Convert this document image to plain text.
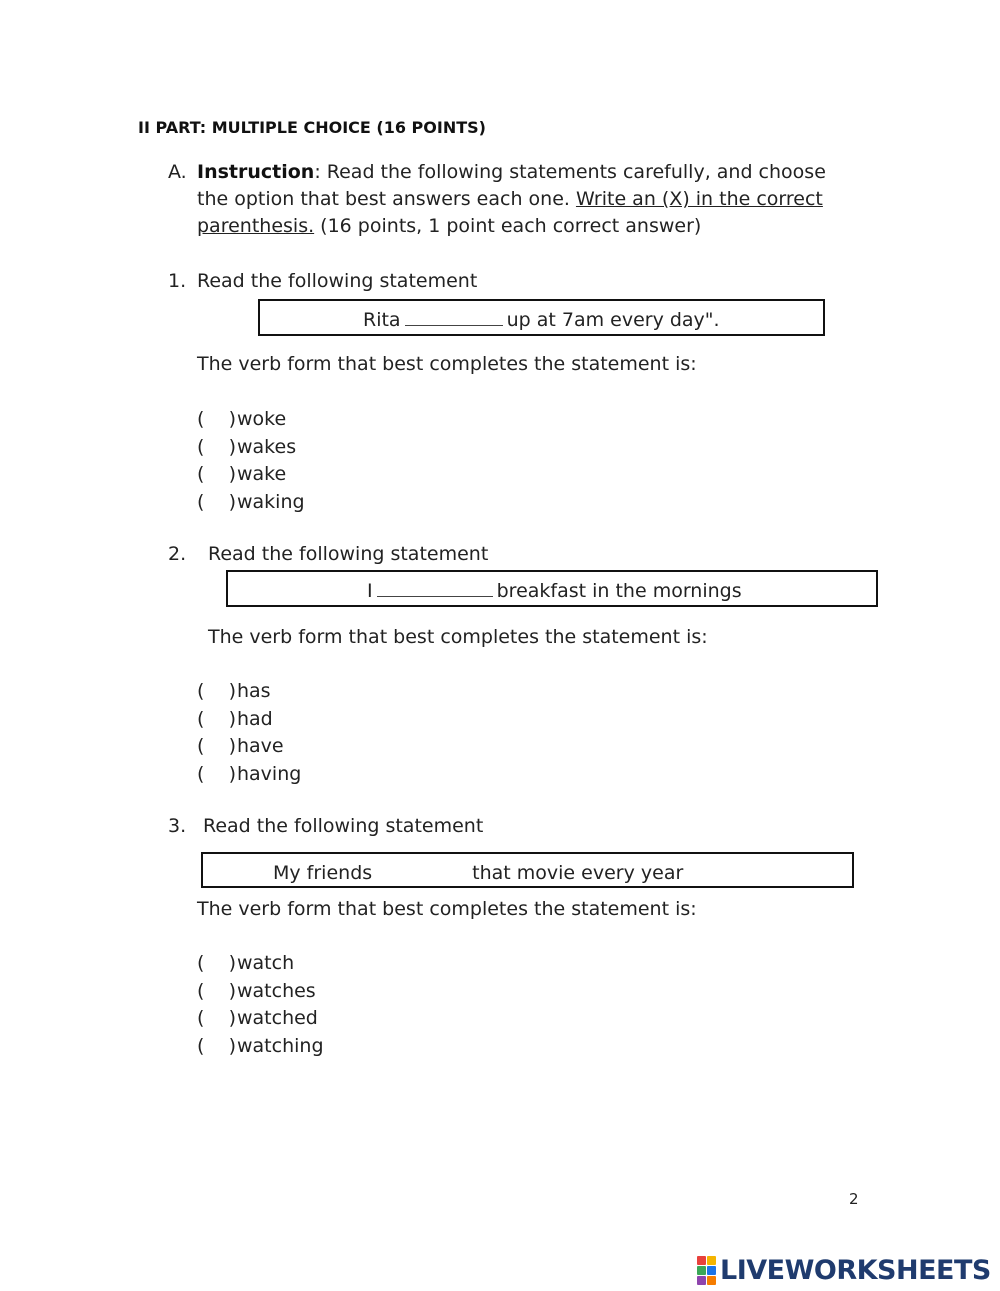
II PART: MULTIPLE CHOICE (16 POINTS)
A. Instruction: Read the following statements carefully, and choose the option that best answers each one. Write an (X) in the correct parenthesis. (16 points, 1 point each correct answer)
1. Read the following statement
Rita	up at 7am every day".
The verb form that best completes the statement is:
( )woke
( )wakes
( )wake
( )waking
2. Read the following statement
I	breakfast in the mornings
The verb form that best completes the statement is:
( )has
( )had
( )have
( )having
3. Read the following statement
My friends	that movie every year
The verb form that best completes the statement is:
( )watch
( )watches
( )watched
( )watching
2
LIVEWORKSHEETS
